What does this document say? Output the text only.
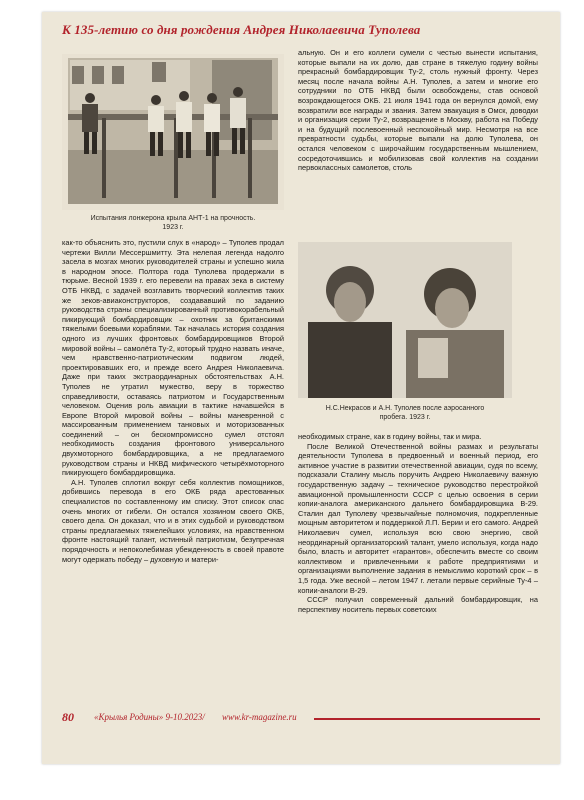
К 135-летию со дня рождения Андрея Николаевича Туполева
Испытания лонжерона крыла АНТ-1 на прочность.
1923 г.

как-то объяснить это, пустили слух в «народ» – Туполев продал чертежи Вилли Мессершмитту. Эта нелепая легенда надолго засела в мозгах многих руководителей страны и успешно жила в народном эпосе. Полтора года Туполева продержали в тюрьме. Весной 1939 г. его перевели на правах зека в систему ОТБ НКВД, с задачей возглавить творческий коллектив таких же зеков-авиаконструкторов, создававший по заданию руководства страны специализированный противокорабельный пикирующий бомбардировщик – охотник за британскими тяжелыми боевыми кораблями. Так началась история создания одного из лучших фронтовых бомбардировщиков Второй мировой войны – самолёта Ту-2, который трудно назвать иначе, чем нравственно-патриотическим подвигом людей, проектировавших его, и прежде всего Андрея Николаевича. Даже при таких экстраординарных обстоятельствах А.Н. Туполев не утратил мужество, веру в торжество справедливости, оставаясь патриотом и Государственным человеком. Оценив роль авиации в тактике начавшейся в Европе Второй мировой войны – войны маневренной с массированным применением танковых и моторизованных соединений – он бескомпромиссно сумел отстоял необходимость создания фронтового универсального двухмоторного бомбардировщика, а не предлагаемого руководством страны и НКВД мифического четырёхмоторного пикирующего бомбардировщика.

А.Н. Туполев сплотил вокруг себя коллектив помощников, добившись перевода в его ОКБ ряда арестованных специалистов по составленному им списку. Этот список спас очень многих от гибели. Он остался хозяином своего ОКБ, своего дела. Он доказал, что и в этих судьбой и руководством страны предлагаемых тяжелейших условиях, на нравственном фронте настоящий талант, истинный патриотизм, безупречная порядочность и непоколебимая убежденность в своей правоте могут одержать победу – духовную и матери-

альную. Он и его коллеги сумели с честью вынести испытания, которые выпали на их долю, дав стране в тяжелую годину войны прекрасный бомбардировщик Ту-2, столь нужный фронту. Через месяц после начала войны А.Н. Туполев, а затем и многие его сотрудники по ОТБ НКВД были освобождены, став основой возрождающегося ОКБ. 21 июля 1941 года он вернулся домой, ему возвратили все награды и звания. Затем эвакуация в Омск, доводки и организация серии Ту-2, возвращение в Москву, работа на Победу и на будущий послевоенный неспокойный мир. Несмотря на все превратности судьбы, которые выпали на долю Туполева, он остался человеком с широчайшим государственным мышлением, сосредоточившись и мобилизовав свой коллектив на создании первоклассных самолетов, столь

Н.С.Некрасов и А.Н. Туполев после аэросанного
пробега. 1923 г.

необходимых стране, как в годину войны, так и мира.

После Великой Отечественной войны размах и результаты деятельности Туполева в предвоенный и военный период, его активное участие в развитии отечественной авиации, судя по всему, подсказали Сталину мысль поручить Андрею Николаевичу важную государственную задачу – техническое руководство перестройкой авиационной промышленности СССР с целью освоения в серии копии-аналога американского дальнего бомбардировщика В-29. Сталин дал Туполеву чрезвычайные полномочия, подкрепленные мощным авторитетом и поддержкой Л.П. Берии и его самого. Андрей Николаевич сумел, используя всю свою энергию, свой неординарный организаторский талант, умело используя, когда надо было, власть и авторитет «гарантов», обеспечить вместе со своим коллективом и привлеченными к работе предприятиями и организациями выполнение задания в немыслимо короткий срок – в 1,5 года. Уже весной – летом 1947 г. летали первые серийные Ту-4 – копии-аналоги В-29.

СССР получил современный дальний бомбардировщик, на перспективу носитель первых советских

80 «Крылья Родины» 9-10.2023/ www.kr-magazine.ru
